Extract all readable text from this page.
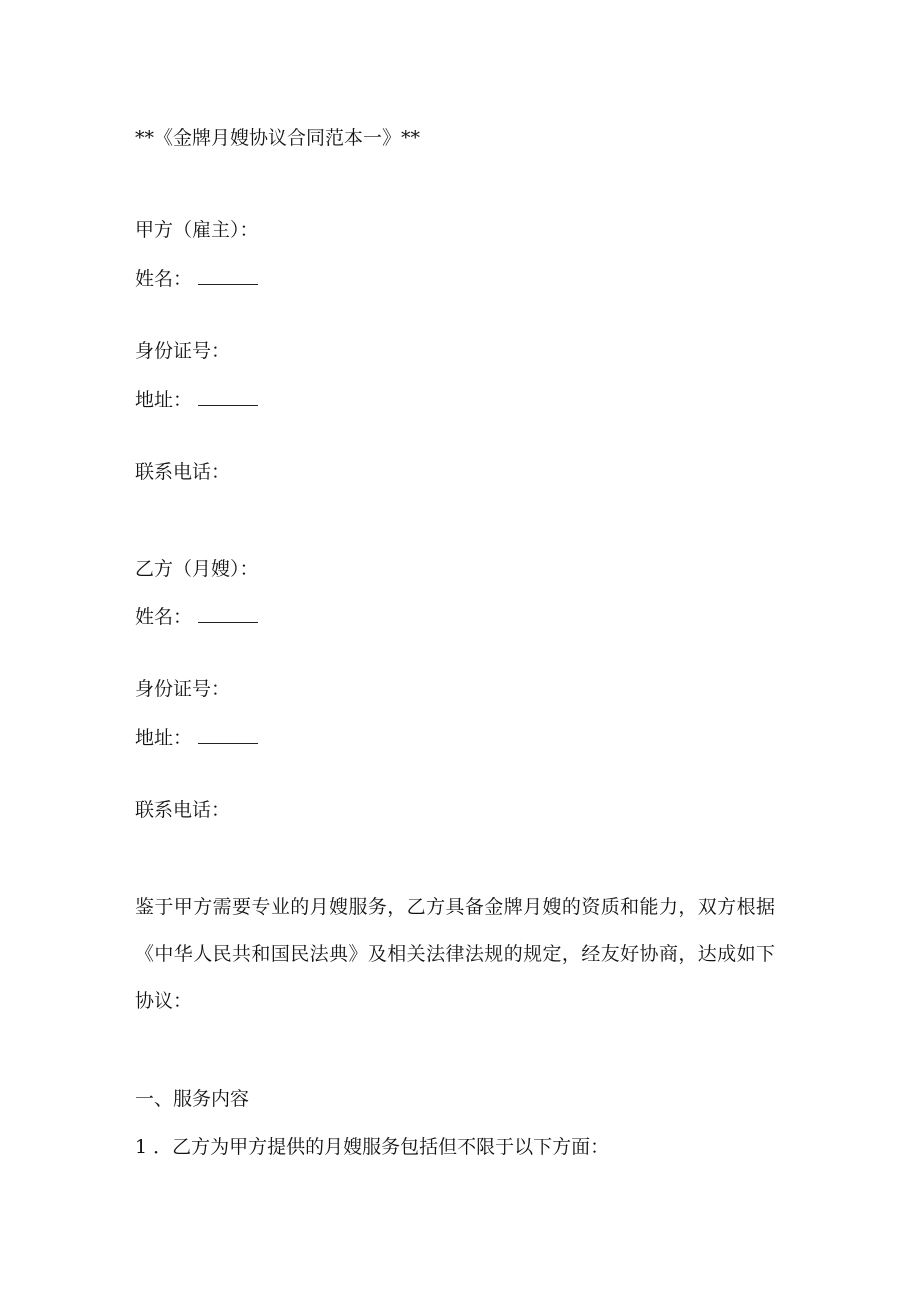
**《金牌月嫂协议合同范本一》**
甲方（雇主）：
姓名：
身份证号：
地址：
联系电话：
乙方（月嫂）：
姓名：
身份证号：
地址：
联系电话：
鉴于甲方需要专业的月嫂服务，乙方具备金牌月嫂的资质和能力，双方根据《中华人民共和国民法典》及相关法律法规的规定，经友好协商，达成如下协议：
一、服务内容
1 ．乙方为甲方提供的月嫂服务包括但不限于以下方面：
